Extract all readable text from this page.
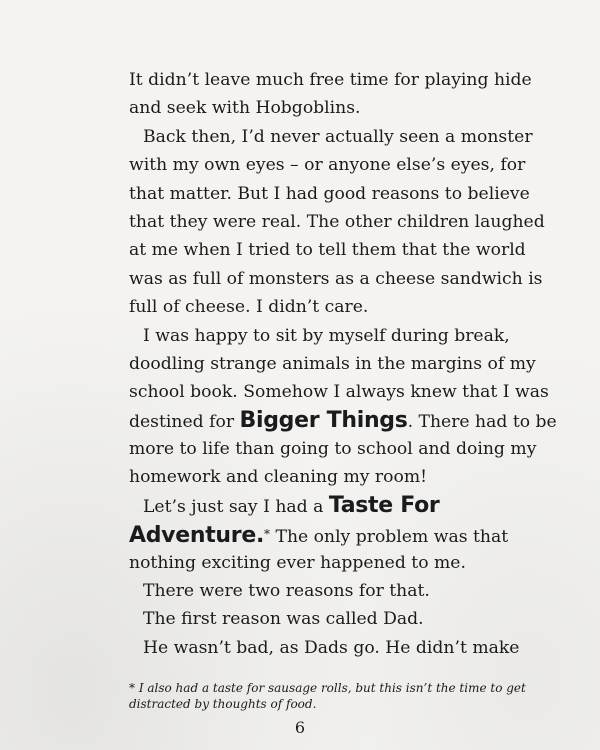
It didn’t leave much free time for playing hide
and seek with Hobgoblins.
Back then, I’d never actually seen a monster
with my own eyes – or anyone else’s eyes, for
that matter. But I had good reasons to believe
that they were real. The other children laughed
at me when I tried to tell them that the world
was as full of monsters as a cheese sandwich is
full of cheese. I didn’t care.
I was happy to sit by myself during break,
doodling strange animals in the margins of my
school book. Somehow I always knew that I was
destined for Bigger Things. There had to be
more to life than going to school and doing my
homework and cleaning my room!
Let’s just say I had a Taste For
Adventure.* The only problem was that
nothing exciting ever happened to me.
There were two reasons for that.
The first reason was called Dad.
He wasn’t bad, as Dads go. He didn’t make
* I also had a taste for sausage rolls, but this isn’t the time to get
distracted by thoughts of food.
6
